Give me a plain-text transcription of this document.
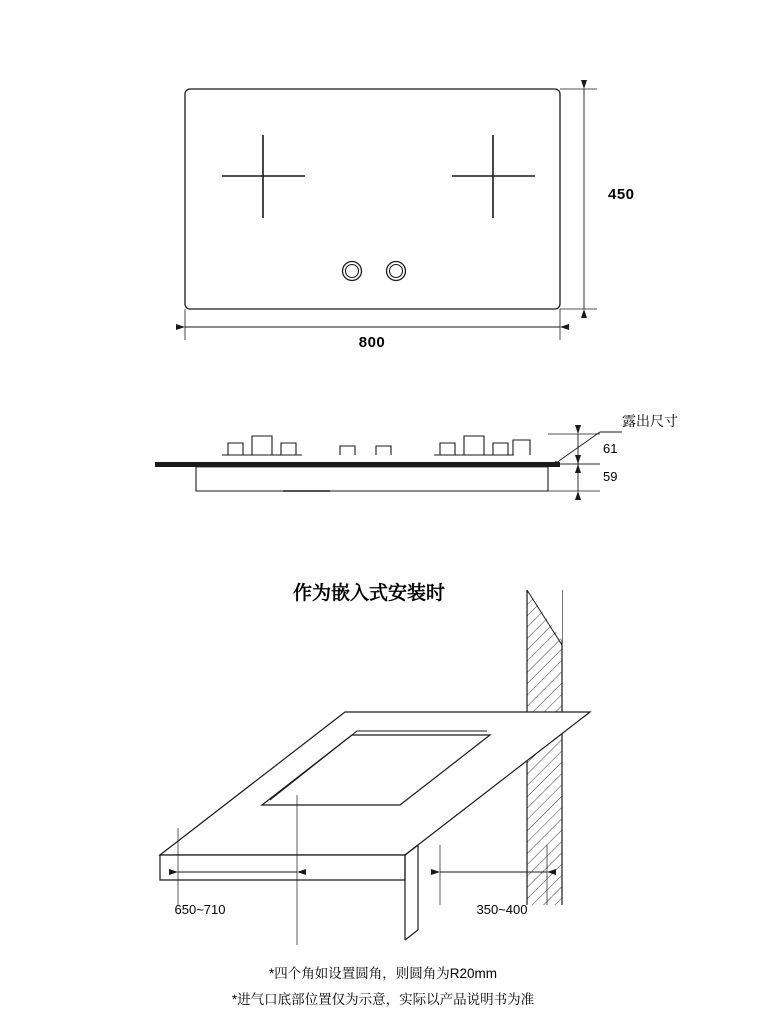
450
800
露出尺寸
61
59
作为嵌入式安装时
650~710	350~400
*四个角如设置圆角，则圆角为R20mm
*进气口底部位置仅为示意，实际以产品说明书为准
